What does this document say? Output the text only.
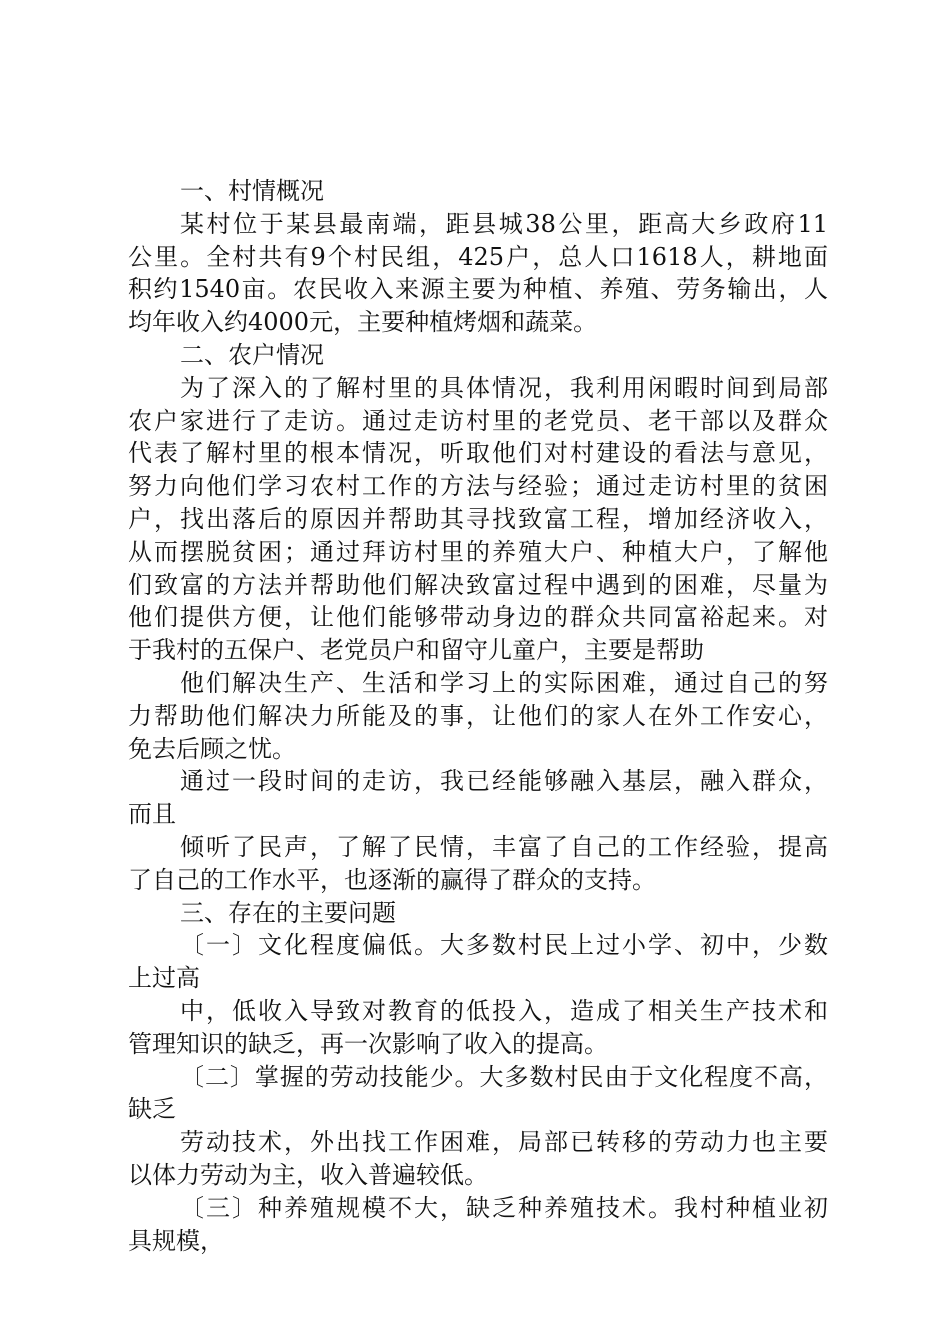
一、村情概况
某村位于某县最南端，距县城38公里，距高大乡政府11
公里。全村共有9个村民组，425户，总人口1618人，耕地面
积约1540亩。农民收入来源主要为种植、养殖、劳务输出，人
均年收入约4000元，主要种植烤烟和蔬菜。
二、农户情况
为了深入的了解村里的具体情况，我利用闲暇时间到局部
农户家进行了走访。通过走访村里的老党员、老干部以及群众
代表了解村里的根本情况，听取他们对村建设的看法与意见，
努力向他们学习农村工作的方法与经验；通过走访村里的贫困
户，找出落后的原因并帮助其寻找致富工程，增加经济收入，
从而摆脱贫困；通过拜访村里的养殖大户、种植大户，了解他
们致富的方法并帮助他们解决致富过程中遇到的困难，尽量为
他们提供方便，让他们能够带动身边的群众共同富裕起来。对
于我村的五保户、老党员户和留守儿童户，主要是帮助
他们解决生产、生活和学习上的实际困难，通过自己的努
力帮助他们解决力所能及的事，让他们的家人在外工作安心，
免去后顾之忧。
通过一段时间的走访，我已经能够融入基层，融入群众，
而且
倾听了民声，了解了民情，丰富了自己的工作经验，提高
了自己的工作水平，也逐渐的赢得了群众的支持。
三、存在的主要问题
〔一〕文化程度偏低。大多数村民上过小学、初中，少数
上过高
中，低收入导致对教育的低投入，造成了相关生产技术和
管理知识的缺乏，再一次影响了收入的提高。
〔二〕掌握的劳动技能少。大多数村民由于文化程度不高，
缺乏
劳动技术，外出找工作困难，局部已转移的劳动力也主要
以体力劳动为主，收入普遍较低。
〔三〕种养殖规模不大，缺乏种养殖技术。我村种植业初
具规模，
